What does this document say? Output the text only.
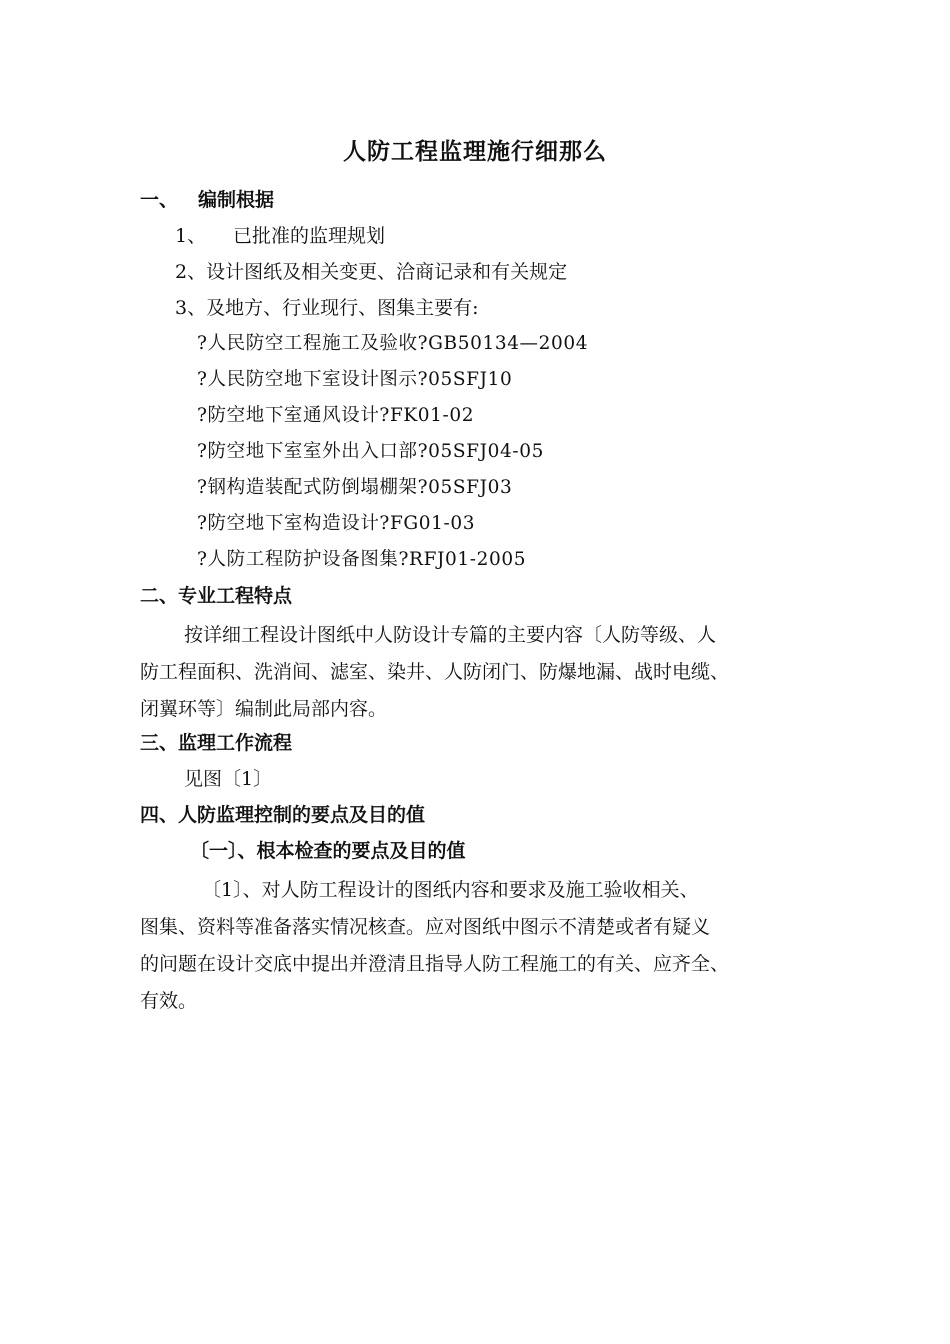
人防工程监理施行细那么
一、 编制根据
1、 已批准的监理规划
2、设计图纸及相关变更、洽商记录和有关规定
3、及地方、行业现行、图集主要有:
?人民防空工程施工及验收?GB50134—2004
?人民防空地下室设计图示?05SFJ10
?防空地下室通风设计?FK01-02
?防空地下室室外出入口部?05SFJ04-05
?钢构造装配式防倒塌棚架?05SFJ03
?防空地下室构造设计?FG01-03
?人防工程防护设备图集?RFJ01-2005
二、专业工程特点
按详细工程设计图纸中人防设计专篇的主要内容〔人防等级、人
防工程面积、洗消间、滤室、染井、人防闭门、防爆地漏、战时电缆、
闭翼环等〕编制此局部内容。
三、监理工作流程
见图〔1〕
四、人防监理控制的要点及目的值
〔一〕、根本检查的要点及目的值
〔1〕、对人防工程设计的图纸内容和要求及施工验收相关、
图集、资料等准备落实情况核查。应对图纸中图示不清楚或者有疑义
的问题在设计交底中提出并澄清且指导人防工程施工的有关、应齐全、
有效。
